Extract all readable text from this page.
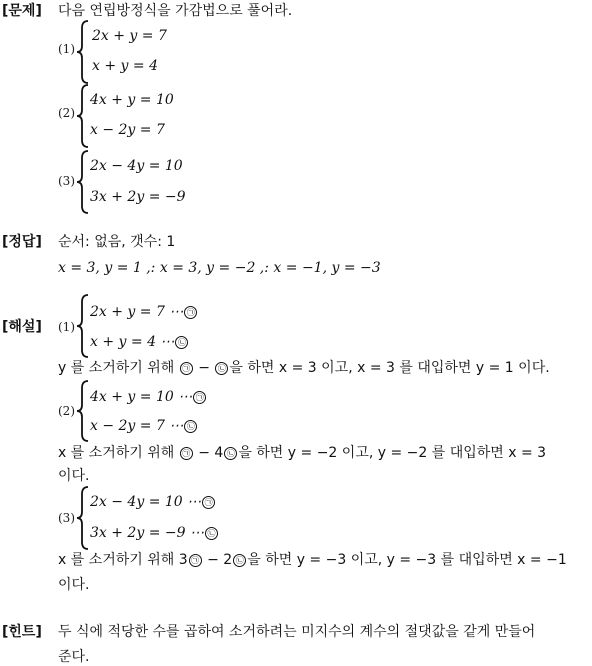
[문제] 다음 연립방정식을 가감법으로 풀어라.
(1)
2x + y = 7
x + y = 4
(2)
4x + y = 10
x − 2y = 7
(3)
2x − 4y = 10
3x + 2y = −9
[정답] 순서: 없음, 갯수: 1
x = 3, y = 1 ,: x = 3, y = −2 ,: x = −1, y = −3
[해설] (1)
2x + y = 7 ⋯ ㉠
x + y = 4 ⋯ ㉡
y 를 소거하기 위해 ㉠ − ㉡ 을 하면 x = 3 이고, x = 3 를 대입하면 y = 1 이다.
(2)
4x + y = 10 ⋯ ㉠
x − 2y = 7 ⋯ ㉡
x 를 소거하기 위해 ㉠ − 4 ㉡ 을 하면 y = −2 이고, y = −2 를 대입하면 x = 3
이다.
(3)
2x − 4y = 10 ⋯ ㉠
3x + 2y = −9 ⋯ ㉡
x 를 소거하기 위해 3 ㉠ − 2 ㉡ 을 하면 y = −3 이고, y = −3 를 대입하면 x = −1
이다.
[힌트] 두 식에 적당한 수를 곱하여 소거하려는 미지수의 계수의 절댓값을 같게 만들어
준다.
